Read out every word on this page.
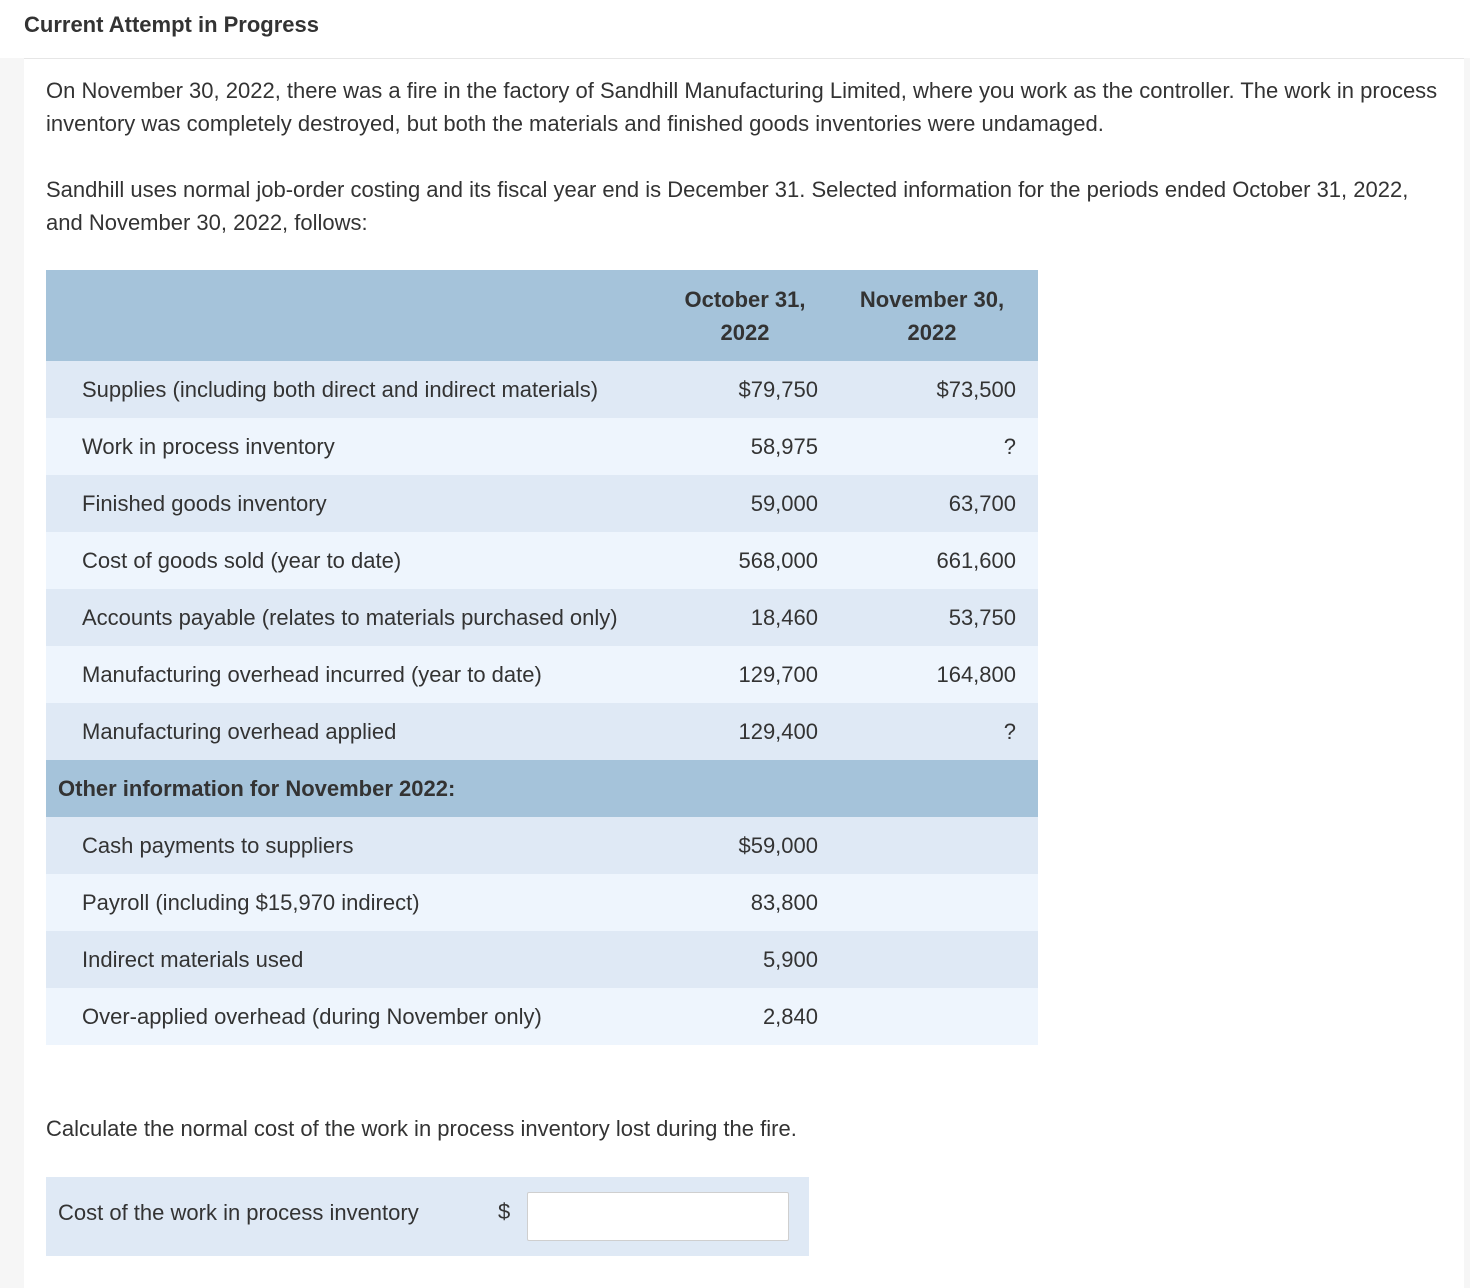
Current Attempt in Progress

On November 30, 2022, there was a fire in the factory of Sandhill Manufacturing Limited, where you work as the controller. The work in process inventory was completely destroyed, but both the materials and finished goods inventories were undamaged.

Sandhill uses normal job-order costing and its fiscal year end is December 31. Selected information for the periods ended October 31, 2022, and November 30, 2022, follows:

	October 31, 2022	November 30, 2022	
Supplies (including both direct and indirect materials)	$79,750	$73,500	
Work in process inventory	58,975	?	
Finished goods inventory	59,000	63,700	
Cost of goods sold (year to date)	568,000	661,600	
Accounts payable (relates to materials purchased only)	18,460	53,750	
Manufacturing overhead incurred (year to date)	129,700	164,800	
Manufacturing overhead applied	129,400	?	
Other information for November 2022:			
Cash payments to suppliers	$59,000		
Payroll (including $15,970 indirect)	83,800		
Indirect materials used	5,900		
Over-applied overhead (during November only)	2,840		

Calculate the normal cost of the work in process inventory lost during the fire.

Cost of the work in process inventory	$
